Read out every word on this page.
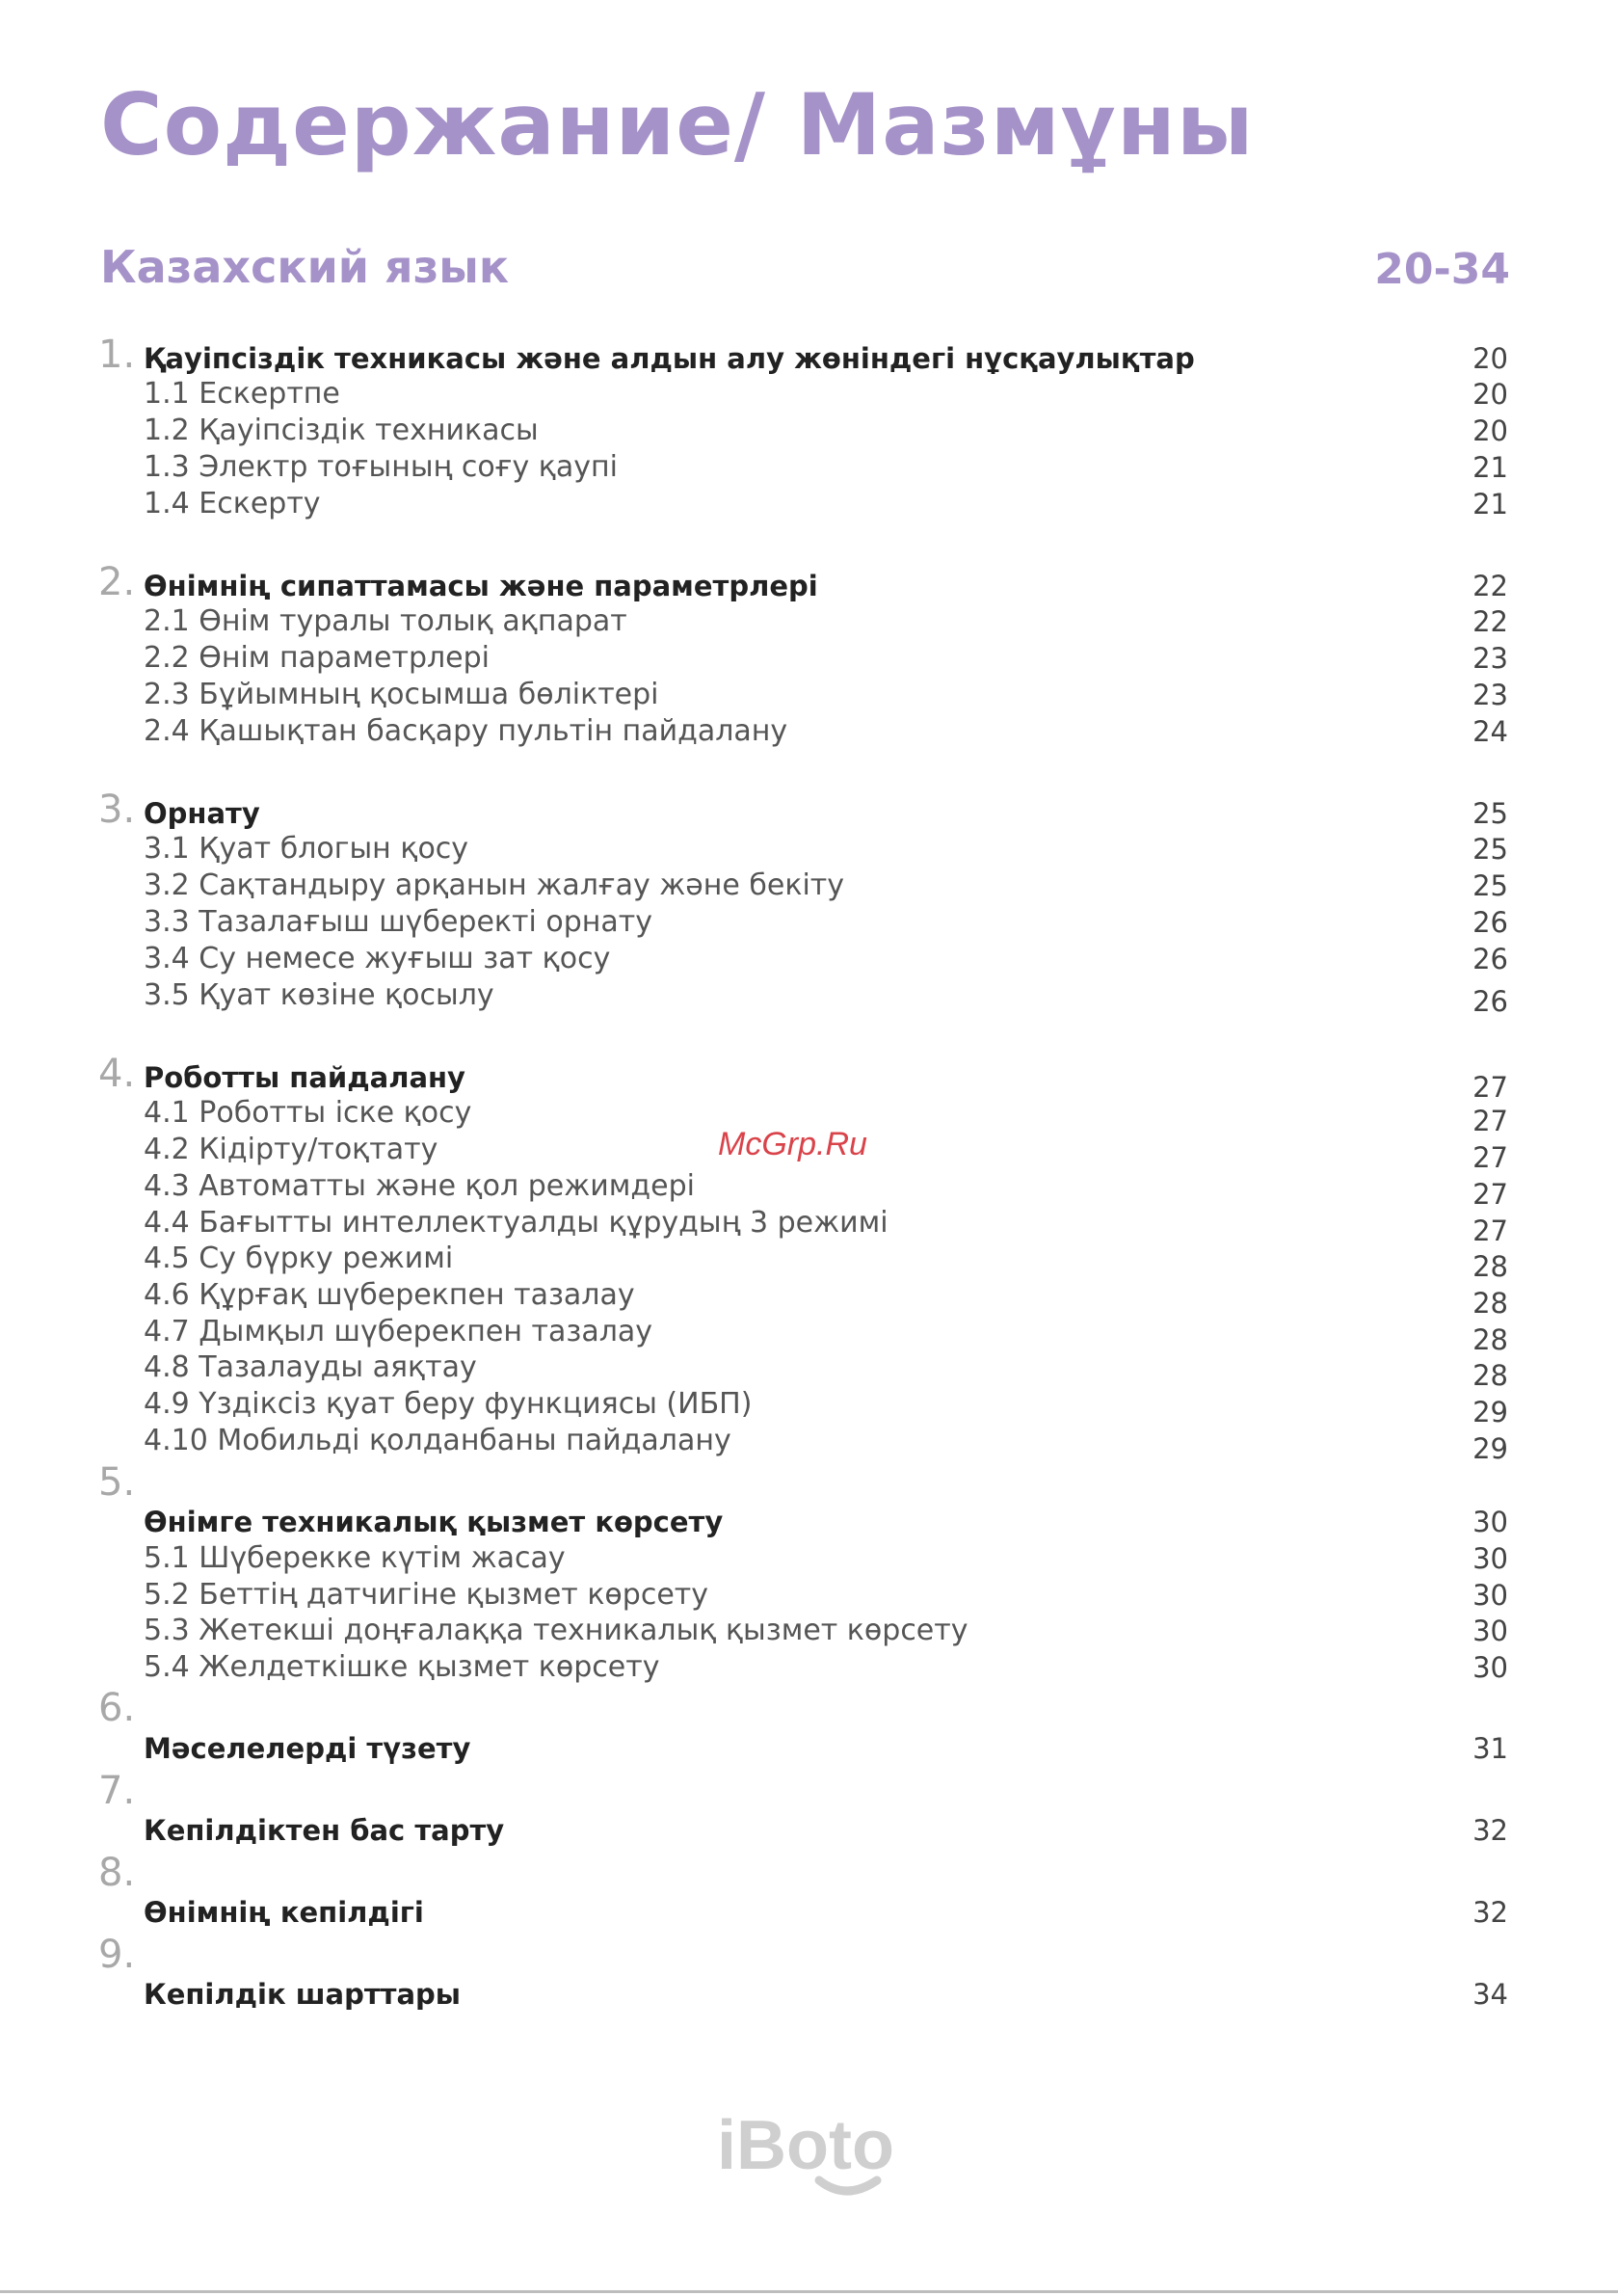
Содержание/ Мазмұны
Казахский язык	20-34
1. Қауіпсіздік техникасы және алдын алу жөніндегі нұсқаулықтар	20
1.1 Ескертпе	20
1.2 Қауіпсіздік техникасы	20
1.3 Электр тоғының соғу қаупі	21
1.4 Ескерту	21
2. Өнімнің сипаттамасы және параметрлері	22
2.1 Өнім туралы толық ақпарат	22
2.2 Өнім параметрлері	23
2.3 Бұйымның қосымша бөліктері	23
2.4 Қашықтан басқару пультін пайдалану	24
3. Орнату	25
3.1 Қуат блогын қосу	25
3.2 Сақтандыру арқанын жалғау және бекіту	25
3.3 Тазалағыш шүберекті орнату	26
3.4 Су немесе жуғыш зат қосу	26
3.5 Қуат көзіне қосылу	26
4. Роботты пайдалану	27
4.1 Роботты іске қосу	27
4.2 Кідірту/тоқтату	27
4.3 Автоматты және қол режимдері	27
4.4 Бағытты интеллектуалды құрудың 3 режимі	27
4.5 Су бүрку режимі	28
4.6 Құрғақ шүберекпен тазалау	28
4.7 Дымқыл шүберекпен тазалау	28
4.8 Тазалауды аяқтау	28
4.9 Үздіксіз қуат беру функциясы (ИБП)	29
4.10 Мобильді қолданбаны пайдалану	29
5.
Өнімге техникалық қызмет көрсету	30
5.1 Шүберекке күтім жасау	30
5.2 Беттің датчигіне қызмет көрсету	30
5.3 Жетекші доңғалаққа техникалық қызмет көрсету	30
5.4 Желдеткішке қызмет көрсету	30
6.
Мәселелерді түзету	31
7.
Кепілдіктен бас тарту	32
8.
Өнімнің кепілдігі	32
9.
Кепілдік шарттары	34
McGrp.Ru
iBoto
